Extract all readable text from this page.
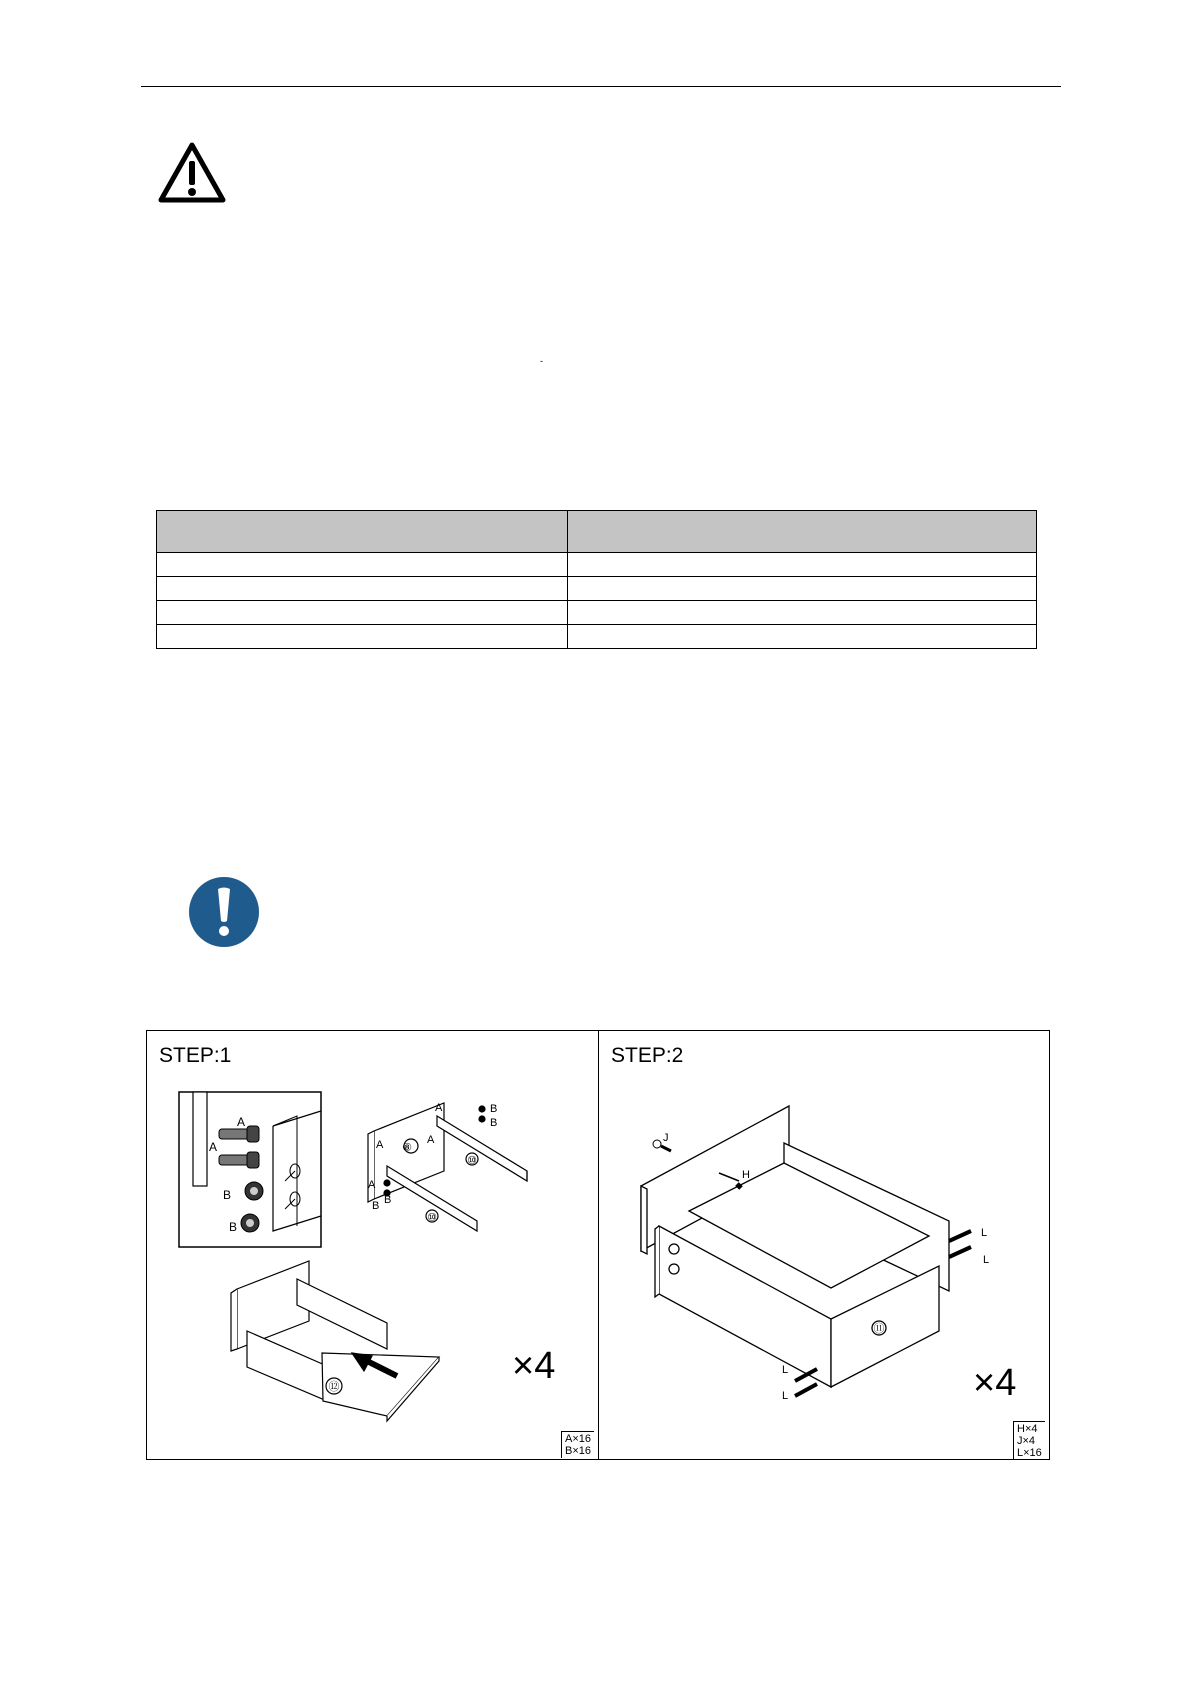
-

STEP:1
A
A
B
B
⑧
⑩
⑩
A
A
A
A
B
B
B
B
⑫	×4
A×16
B×16
STEP:2
⑪
J
H
L
L
L
L	×4
H×4
J×4
L×16
